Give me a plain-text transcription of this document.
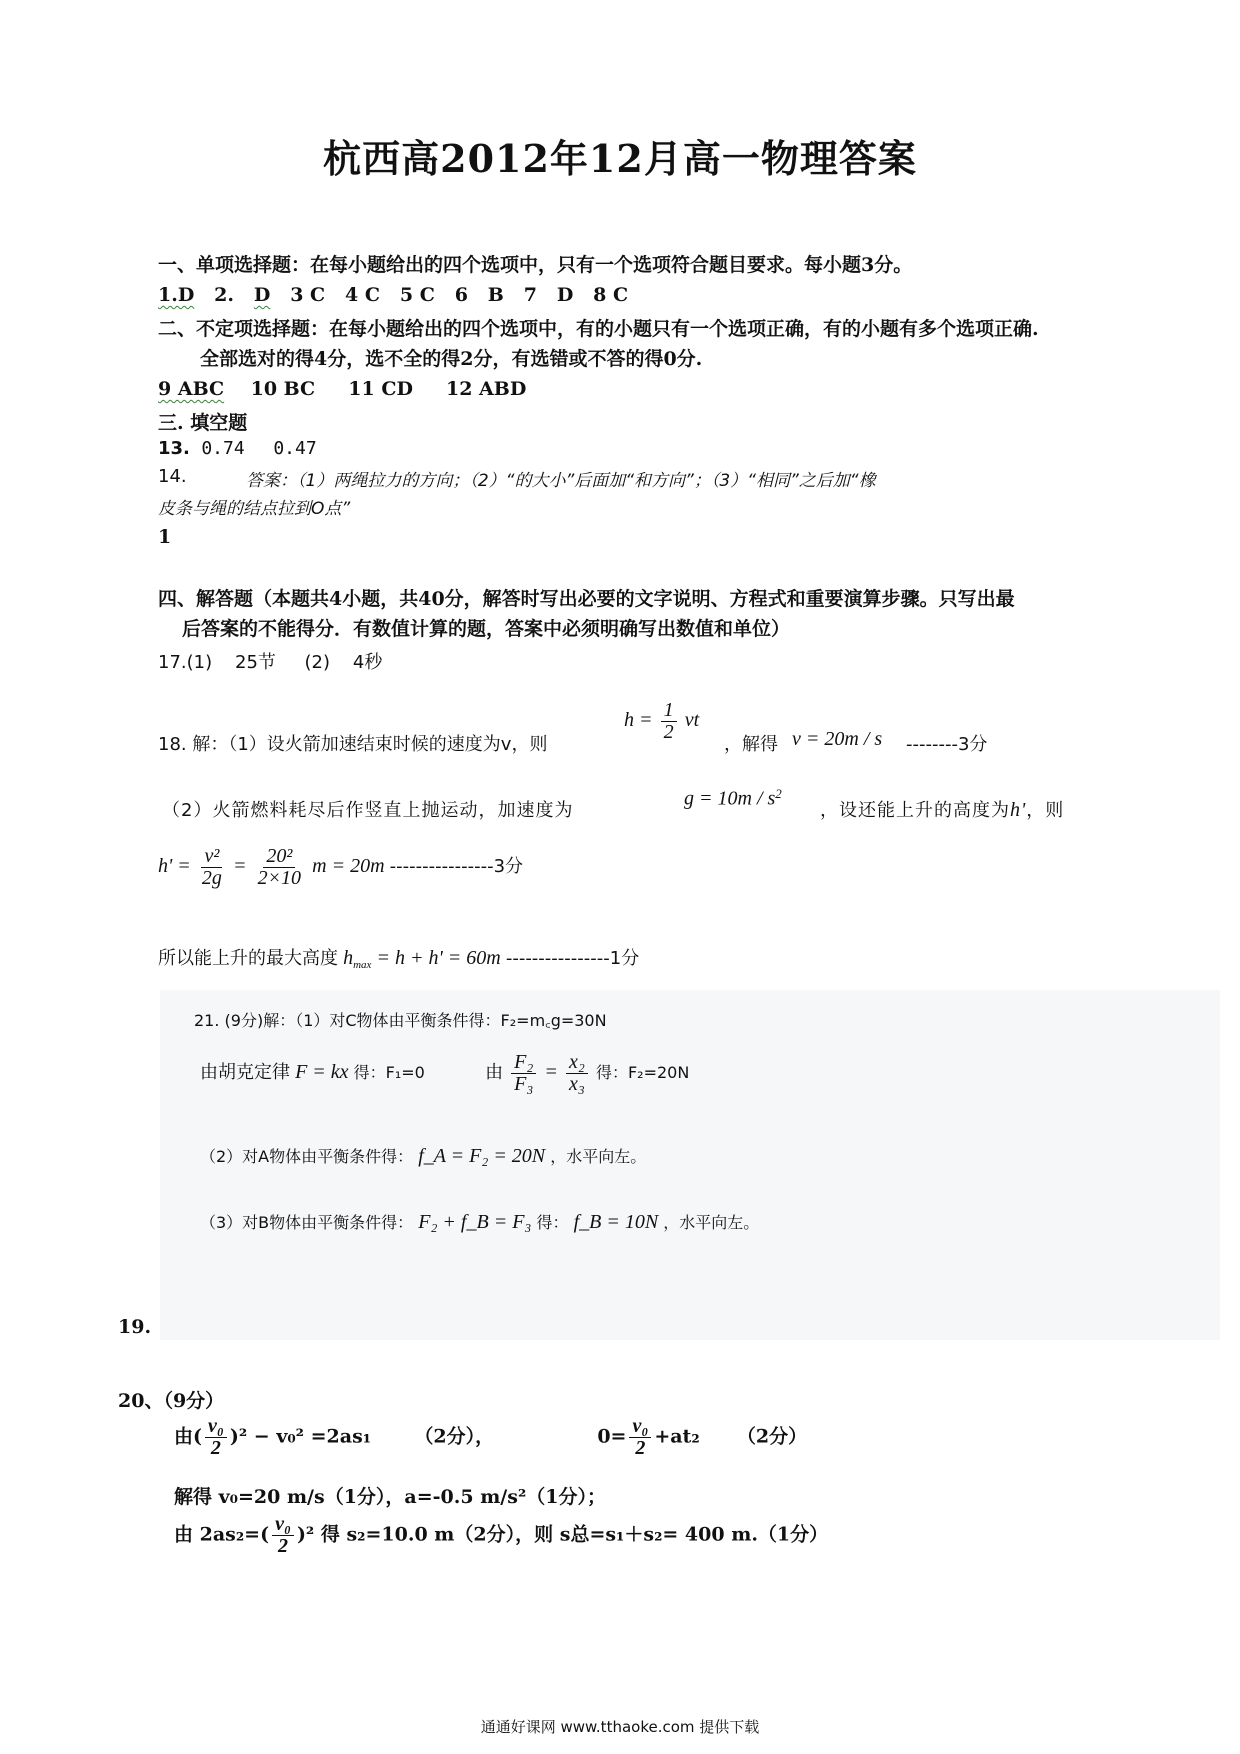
杭西高2012年12月高一物理答案
一、单项选择题：在每小题给出的四个选项中，只有一个选项符合题目要求。每小题3分。
1.D 2. D 3 C 4 C 5 C 6 B 7 D 8 C
二、不定项选择题：在每小题给出的四个选项中，有的小题只有一个选项正确，有的小题有多个选项正确.
全部选对的得4分，选不全的得2分，有选错或不答的得0分.
9 ABC 10 BC 11 CD 12 ABD
三. 填空题
13. 0.74 0.47
14.	答案：（1）两绳拉力的方向；（2）“的大小”后面加“和方向”；（3）“相同”之后加“橡
皮条与绳的结点拉到O点”
1
四、解答题（本题共4小题，共40分，解答时写出必要的文字说明、方程式和重要演算步骤。只写出最
后答案的不能得分．有数值计算的题，答案中必须明确写出数值和单位）
17.(1) 25节 (2) 4秒
18. 解：（1）设火箭加速结束时候的速度为v，则
$h = \frac{1}{2}$ vt
，解得 v = 20m / s --------3分
（2）火箭燃料耗尽后作竖直上抛运动，加速度为
$g = 10m / s^2$
，设还能上升的高度为h'，则
$h' = \frac{\text{v²}}{2g} = \frac{\text{20²}}{2\times 10}$ m = 20m ----------------3分
所以能上升的最大高度 $h_{max} = h + h' = 60m$ ----------------1分
21. (9分)解：（1）对C物体由平衡条件得：F₂=m꜀g=30N
由胡克定律 F = kx 得：F₁=0	由 $\frac{\text{F₂}}{\text{F₃}} = \frac{\text{x₂}}{\text{x₃}}$ 得：F₂=20N
（2）对A物体由平衡条件得： f_A = F₂ = 20N ，水平向左。
（3）对B物体由平衡条件得： F₂ + f_B = F₃ 得： f_B = 10N ，水平向左。
19.
20、（9分）
由( $\frac{\text{v₀}}{2} )^2 - v_0^2 =2as_1$ （2分），	$0= \frac{\text{v₀}}{2} +at_2$ （2分）
解得 v₀=20 m/s（1分），a=-0.5 m/s²（1分）；
由 $2as_2=( \frac{\text{v₀}}{2} )^2$ 得 s₂=10.0 m（2分），则 s总=s₁＋s₂= 400 m.（1分）
通通好课网 www.tthaoke.com 提供下载
